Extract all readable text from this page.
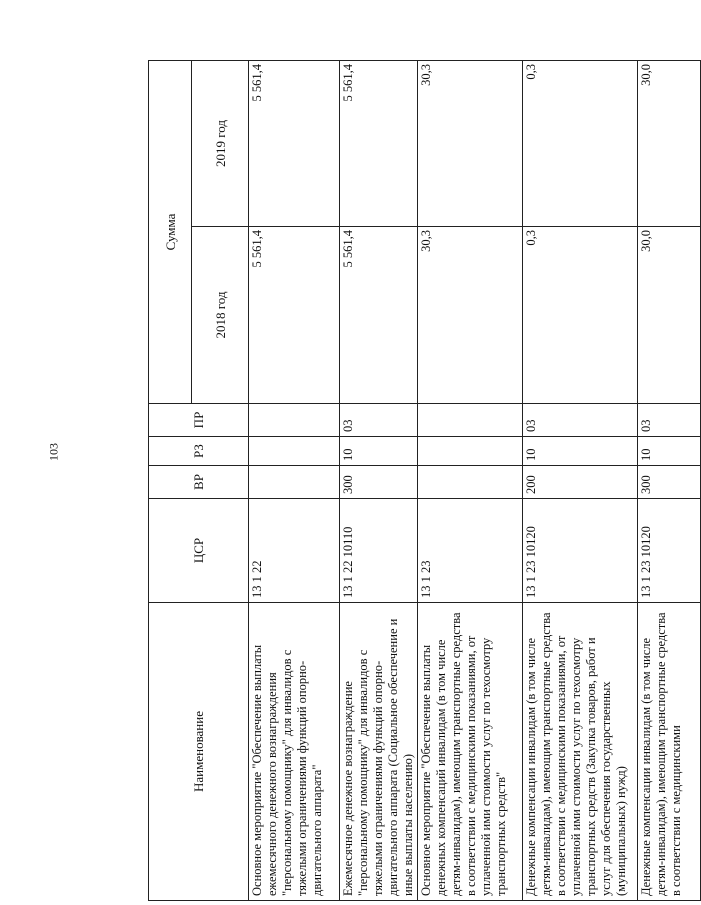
103
Наименование	ЦСР	ВР	РЗ	ПР	Сумма	
					2018 год	2019 год
Основное мероприятие "Обеспечение выплаты ежемесячного денежного вознаграждения "персональному помощнику" для инвалидов с тяжелыми ограничениями функций опорно-двигательного аппарата"	13 1 22				5 561,4	5 561,4
Ежемесячное денежное вознаграждение "персональному помощнику" для инвалидов с тяжелыми ограничениями функций опорно-двигательного аппарата (Социальное обеспечение и иные выплаты населению)	13 1 22 10110	300	10	03	5 561,4	5 561,4
Основное мероприятие "Обеспечение выплаты денежных компенсаций инвалидам (в том числе детям-инвалидам), имеющим транспортные средства в соответствии с медицинскими показаниями, от уплаченной ими стоимости услуг по техосмотру транспортных средств"	13 1 23				30,3	30,3
Денежные компенсации инвалидам (в том числе детям-инвалидам), имеющим транспортные средства в соответствии с медицинскими показаниями, от уплаченной ими стоимости услуг по техосмотру транспортных средств (Закупка товаров, работ и услуг для обеспечения государственных (муниципальных) нужд)	13 1 23 10120	200	10	03	0,3	0,3
Денежные компенсации инвалидам (в том числе детям-инвалидам), имеющим транспортные средства в соответствии с медицинскими	13 1 23 10120	300	10	03	30,0	30,0
